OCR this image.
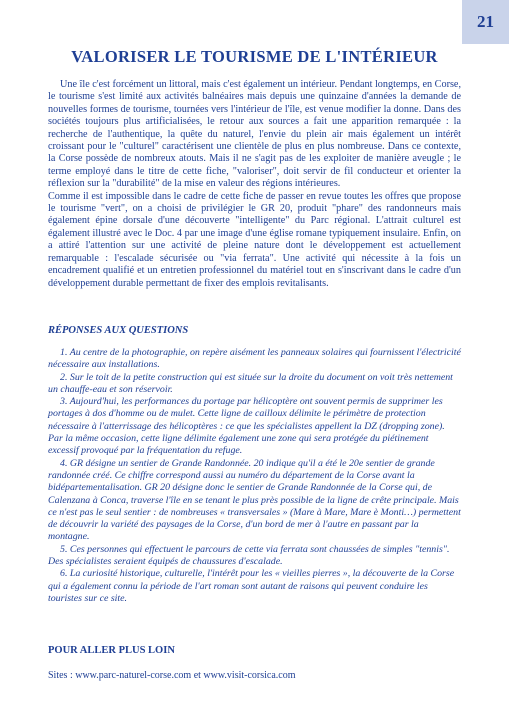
21
VALORISER LE TOURISME DE L'INTÉRIEUR

Une île c'est forcément un littoral, mais c'est également un intérieur. Pendant longtemps, en Corse, le tourisme s'est limité aux activités balnéaires mais depuis une quinzaine d'années la demande de nouvelles formes de tourisme, tournées vers l'intérieur de l'île, est venue modifier la donne. Dans des sociétés toujours plus artificialisées, le retour aux sources a fait une apparition remarquée : la recherche de l'authentique, la quête du naturel, l'envie du plein air mais également un intérêt croissant pour le "culturel" caractérisent une clientèle de plus en plus nombreuse. Dans ce contexte, la Corse possède de nombreux atouts. Mais il ne s'agit pas de les exploiter de manière aveugle ; le terme employé dans le titre de cette fiche, "valoriser", doit servir de fil conducteur et orienter la réflexion sur la "durabilité" de la mise en valeur des régions intérieures.

Comme il est impossible dans le cadre de cette fiche de passer en revue toutes les offres que propose le tourisme "vert", on a choisi de privilégier le GR 20, produit "phare" des randonneurs mais également épine dorsale d'une découverte "intelligente" du Parc régional. L'attrait culturel est également illustré avec le Doc. 4 par une image d'une église romane typiquement insulaire. Enfin, on a attiré l'attention sur une activité de pleine nature dont le développement est actuellement remarquable : l'escalade sécurisée ou "via ferrata". Une activité qui nécessite à la fois un encadrement qualifié et un entretien professionnel du matériel tout en s'inscrivant dans le cadre d'un développement durable permettant de fixer des emplois revitalisants.

RÉPONSES AUX QUESTIONS

1. Au centre de la photographie, on repère aisément les panneaux solaires qui fournissent l'électricité nécessaire aux installations.

2. Sur le toit de la petite construction qui est située sur la droite du document on voit très nettement un chauffe-eau et son réservoir.

3. Aujourd'hui, les performances du portage par hélicoptère ont souvent permis de supprimer les portages à dos d'homme ou de mulet. Cette ligne de cailloux délimite le périmètre de protection nécessaire à l'atterrissage des hélicoptères : ce que les spécialistes appellent la DZ (dropping zone). Par la même occasion, cette ligne délimite également une zone qui sera protégée du piétinement excessif provoqué par la fréquentation du refuge.

4. GR désigne un sentier de Grande Randonnée. 20 indique qu'il a été le 20e sentier de grande randonnée créé. Ce chiffre correspond aussi au numéro du département de la Corse avant la bidépartementalisation. GR 20 désigne donc le sentier de Grande Randonnée de la Corse qui, de Calenzana à Conca, traverse l'île en se tenant le plus près possible de la ligne de crête principale. Mais ce n'est pas le seul sentier : de nombreuses « transversales » (Mare à Mare, Mare è Monti…) permettent de découvrir la variété des paysages de la Corse, d'un bord de mer à l'autre en passant par la montagne.

5. Ces personnes qui effectuent le parcours de cette via ferrata sont chaussées de simples "tennis". Des spécialistes seraient équipés de chaussures d'escalade.

6. La curiosité historique, culturelle, l'intérêt pour les « vieilles pierres », la découverte de la Corse qui a également connu la période de l'art roman sont autant de raisons qui peuvent conduire les touristes sur ce site.

POUR ALLER PLUS LOIN

Sites : www.parc-naturel-corse.com et www.visit-corsica.com
